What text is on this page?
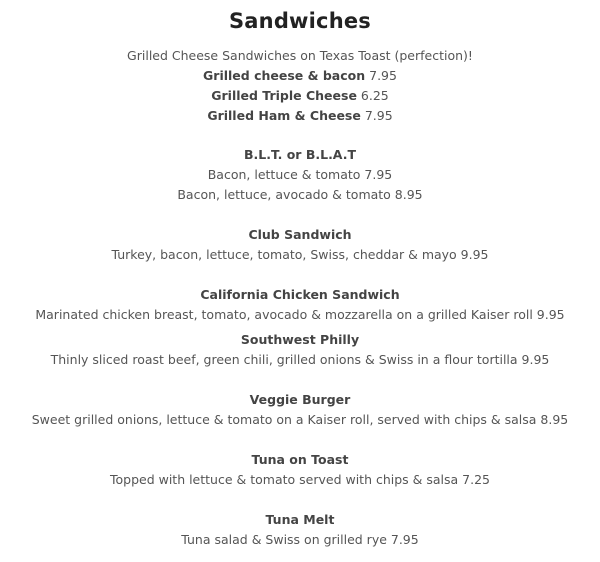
Sandwiches
Grilled Cheese Sandwiches on Texas Toast (perfection)!
Grilled cheese & bacon 7.95
Grilled Triple Cheese 6.25
Grilled Ham & Cheese 7.95
B.L.T. or B.L.A.T
Bacon, lettuce & tomato 7.95
Bacon, lettuce, avocado & tomato 8.95
Club Sandwich
Turkey, bacon, lettuce, tomato, Swiss, cheddar & mayo 9.95
California Chicken Sandwich
Marinated chicken breast, tomato, avocado & mozzarella on a grilled Kaiser roll 9.95
Southwest Philly
Thinly sliced roast beef, green chili, grilled onions & Swiss in a flour tortilla 9.95
Veggie Burger
Sweet grilled onions, lettuce & tomato on a Kaiser roll, served with chips & salsa 8.95
Tuna on Toast
Topped with lettuce & tomato served with chips & salsa 7.25
Tuna Melt
Tuna salad & Swiss on grilled rye 7.95
